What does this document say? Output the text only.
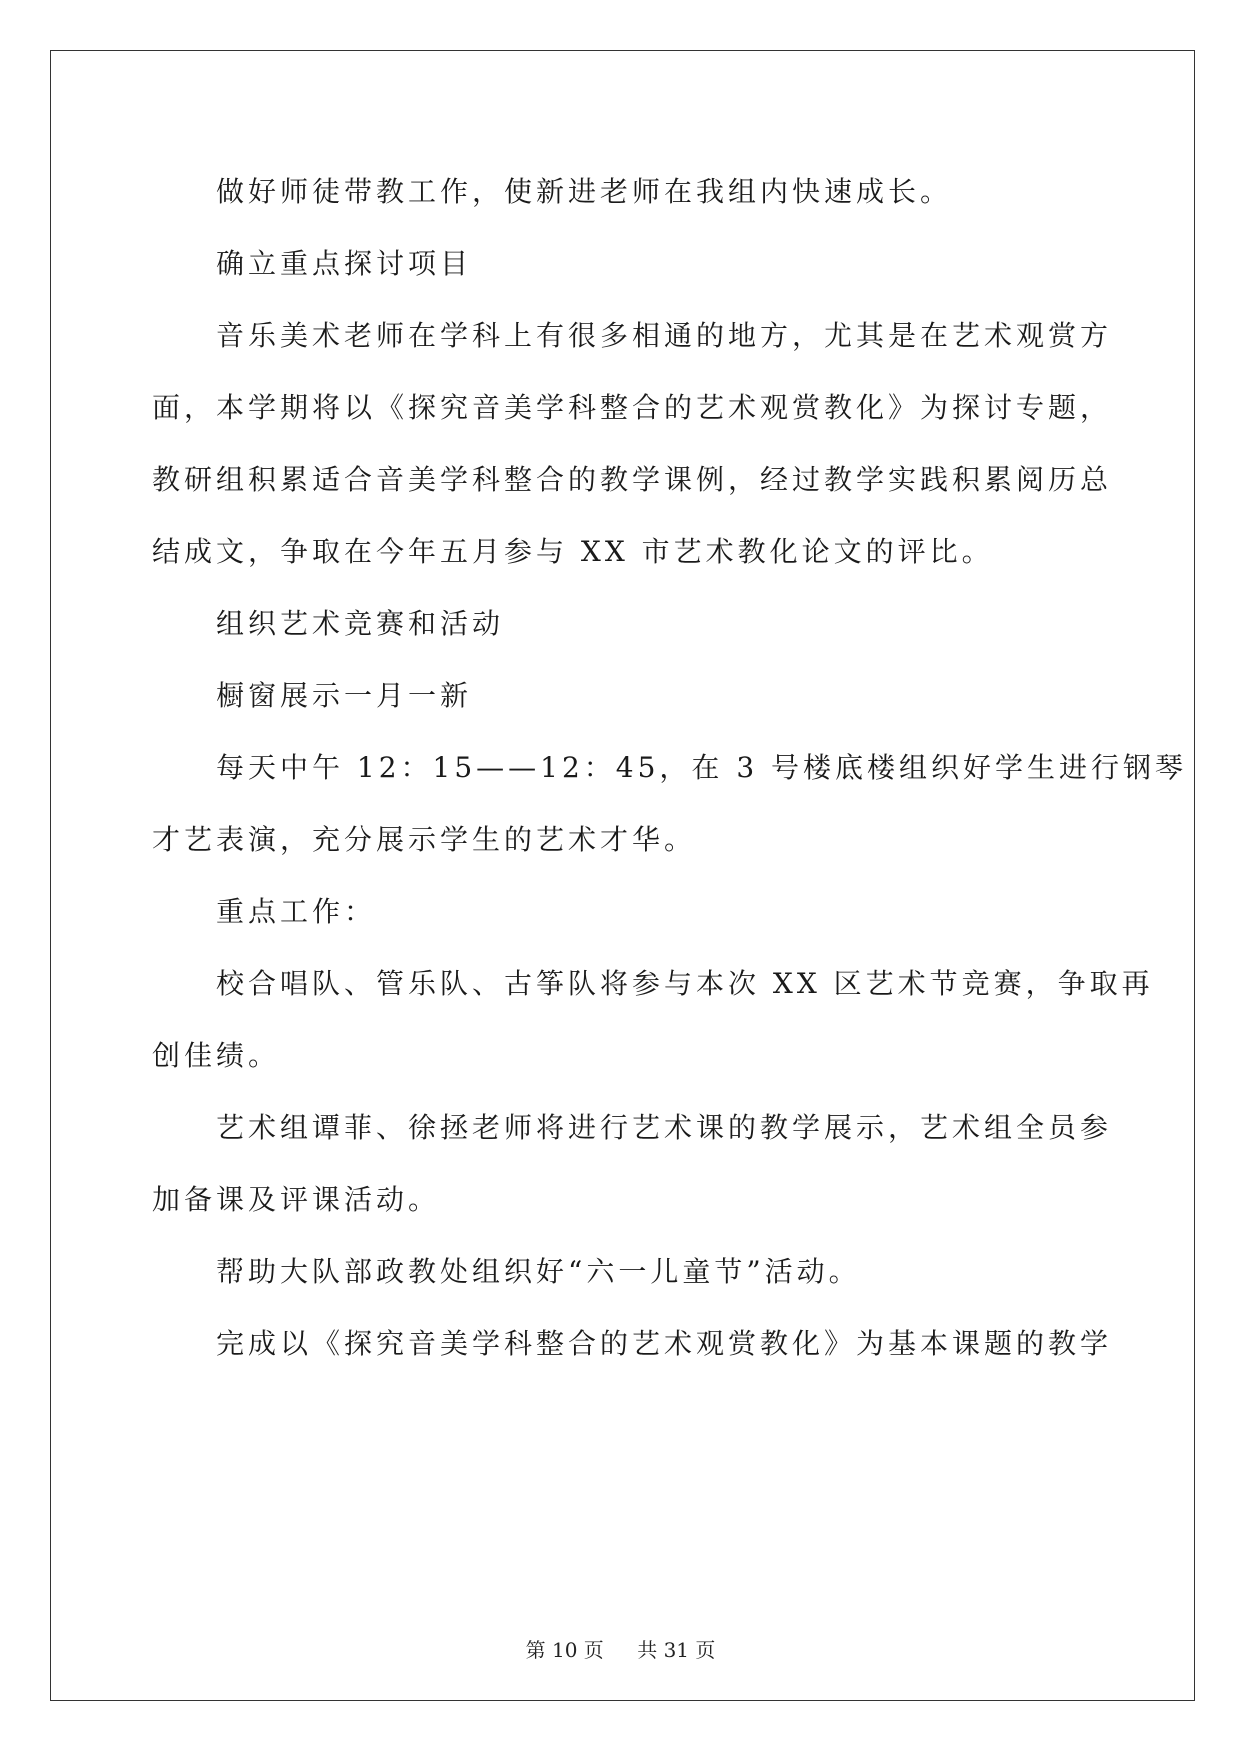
做好师徒带教工作，使新进老师在我组内快速成长。

确立重点探讨项目

音乐美术老师在学科上有很多相通的地方，尤其是在艺术观赏方

面，本学期将以《探究音美学科整合的艺术观赏教化》为探讨专题，

教研组积累适合音美学科整合的教学课例，经过教学实践积累阅历总

结成文，争取在今年五月参与 XX 市艺术教化论文的评比。

组织艺术竞赛和活动

橱窗展示一月一新

每天中午 12：15——12：45，在 3 号楼底楼组织好学生进行钢琴

才艺表演，充分展示学生的艺术才华。

重点工作：

校合唱队、管乐队、古筝队将参与本次 XX 区艺术节竞赛，争取再

创佳绩。

艺术组谭菲、徐拯老师将进行艺术课的教学展示，艺术组全员参

加备课及评课活动。

帮助大队部政教处组织好“六一儿童节”活动。

完成以《探究音美学科整合的艺术观赏教化》为基本课题的教学

第 10 页 共 31 页
